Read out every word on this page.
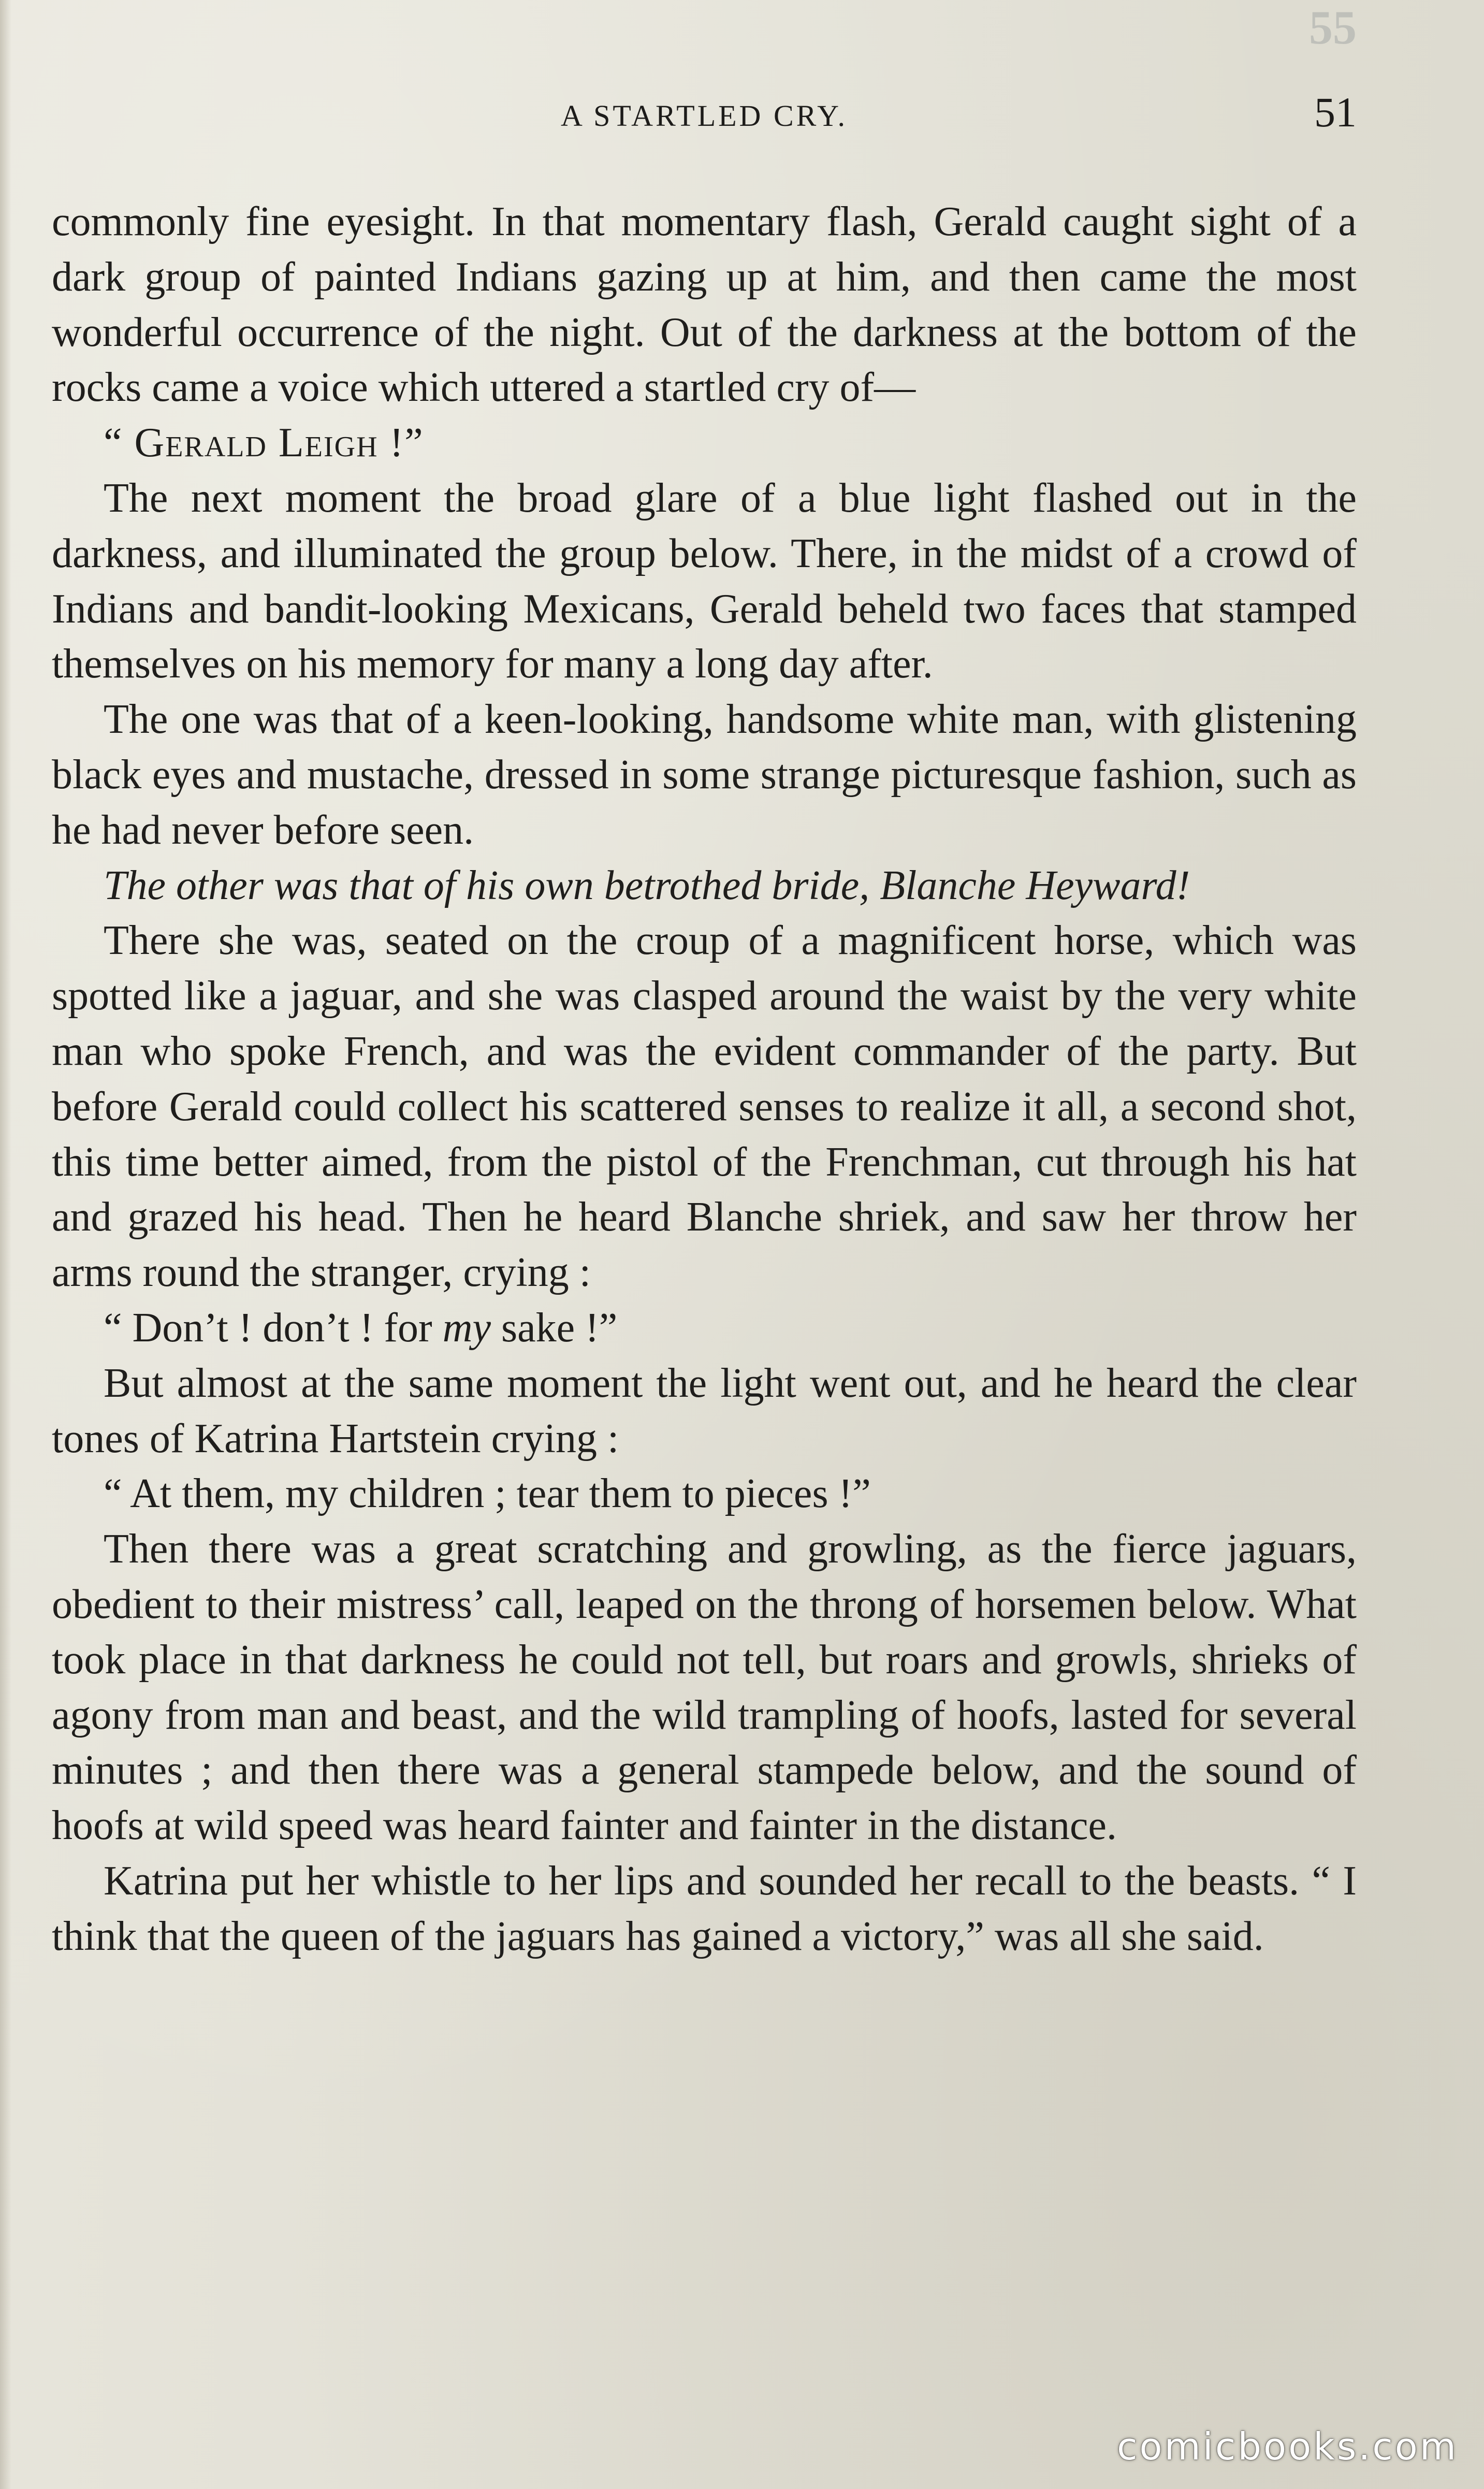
55
A STARTLED CRY.	51

commonly fine eyesight. In that momentary flash, Gerald caught sight of a dark group of painted Indians gazing up at him, and then came the most wonderful occurrence of the night. Out of the darkness at the bottom of the rocks came a voice which uttered a startled cry of—

“ Gerald Leigh !”

The next moment the broad glare of a blue light flashed out in the darkness, and illuminated the group below. There, in the midst of a crowd of Indians and bandit-looking Mexicans, Gerald beheld two faces that stamped themselves on his memory for many a long day after.

The one was that of a keen-looking, handsome white man, with glistening black eyes and mustache, dressed in some strange picturesque fashion, such as he had never before seen.

The other was that of his own betrothed bride, Blanche Heyward!

There she was, seated on the croup of a magnificent horse, which was spotted like a jaguar, and she was clasped around the waist by the very white man who spoke French, and was the evident commander of the party. But before Gerald could collect his scattered senses to realize it all, a second shot, this time better aimed, from the pistol of the Frenchman, cut through his hat and grazed his head. Then he heard Blanche shriek, and saw her throw her arms round the stranger, crying :

“ Don’t ! don’t ! for my sake !”

But almost at the same moment the light went out, and he heard the clear tones of Katrina Hartstein crying :

“ At them, my children ; tear them to pieces !”

Then there was a great scratching and growling, as the fierce jaguars, obedient to their mistress’ call, leaped on the throng of horsemen below. What took place in that darkness he could not tell, but roars and growls, shrieks of agony from man and beast, and the wild trampling of hoofs, lasted for several minutes ; and then there was a general stampede below, and the sound of hoofs at wild speed was heard fainter and fainter in the distance.

Katrina put her whistle to her lips and sounded her recall to the beasts. “ I think that the queen of the jaguars has gained a victory,” was all she said.

comicbooks.com
